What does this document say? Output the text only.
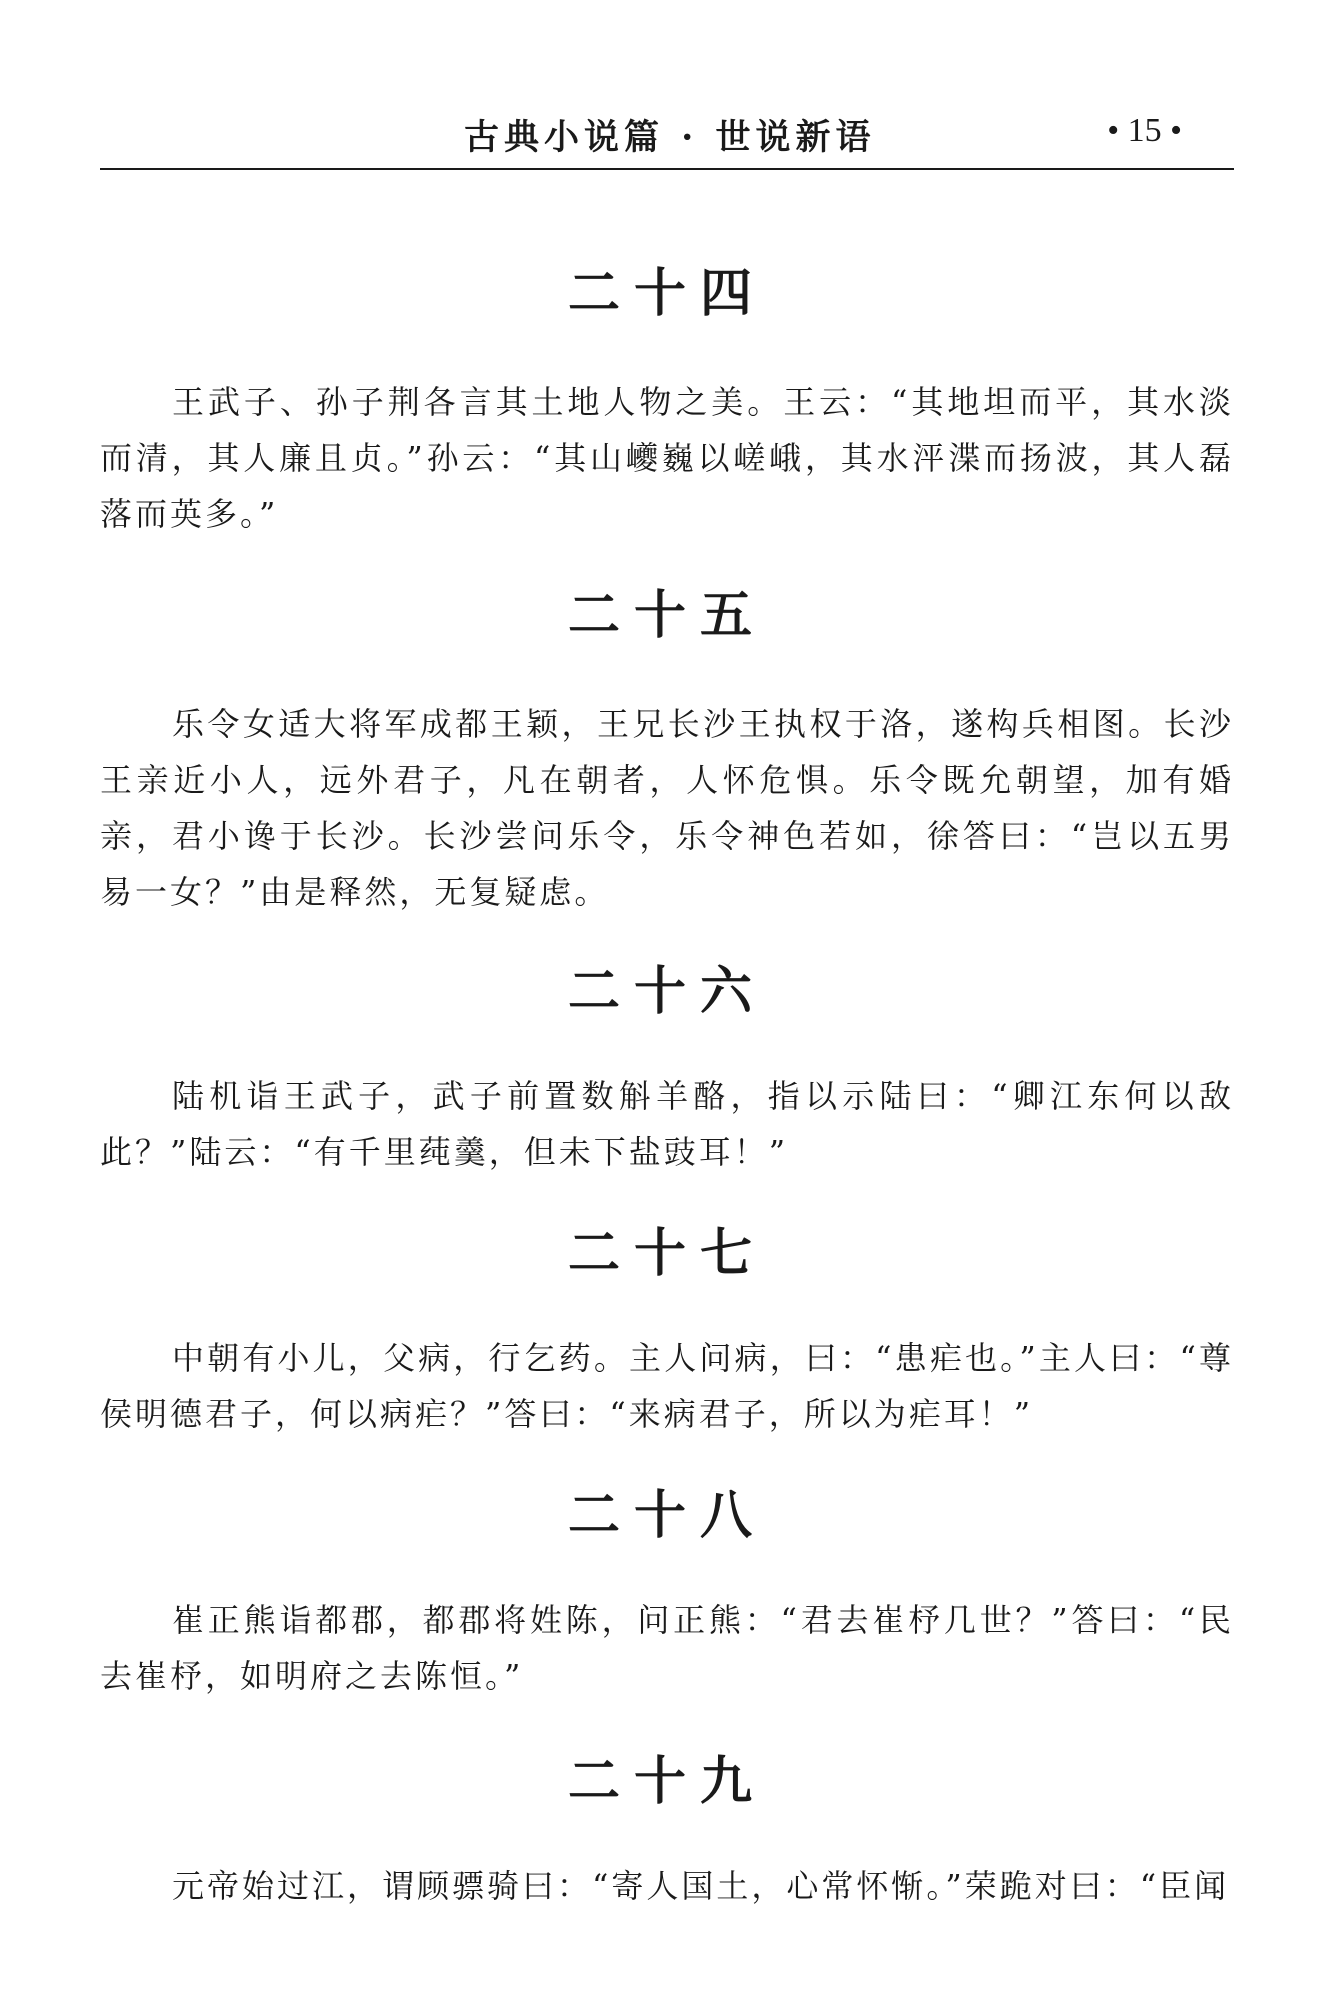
古典小说篇 · 世说新语	• 15 •
二十四

王武子、孙子荆各言其土地人物之美。王云：“其地坦而平，其水淡而清，其人廉且贞。”孙云：“其山巙巍以嵯峨，其水泙渫而扬波，其人磊落而英多。”

二十五

乐令女适大将军成都王颖，王兄长沙王执权于洛，遂构兵相图。长沙王亲近小人，远外君子，凡在朝者，人怀危惧。乐令既允朝望，加有婚亲，君小谗于长沙。长沙尝问乐令，乐令神色若如，徐答曰：“岂以五男易一女？”由是释然，无复疑虑。

二十六

陆机诣王武子，武子前置数斛羊酪，指以示陆曰：“卿江东何以敌此？”陆云：“有千里莼羹，但未下盐豉耳！”

二十七

中朝有小儿，父病，行乞药。主人问病，曰：“患疟也。”主人曰：“尊侯明德君子，何以病疟？”答曰：“来病君子，所以为疟耳！”

二十八

崔正熊诣都郡，都郡将姓陈，问正熊：“君去崔杼几世？”答曰：“民去崔杼，如明府之去陈恒。”

二十九

元帝始过江，谓顾骠骑曰：“寄人国土，心常怀惭。”荣跪对曰：“臣闻
